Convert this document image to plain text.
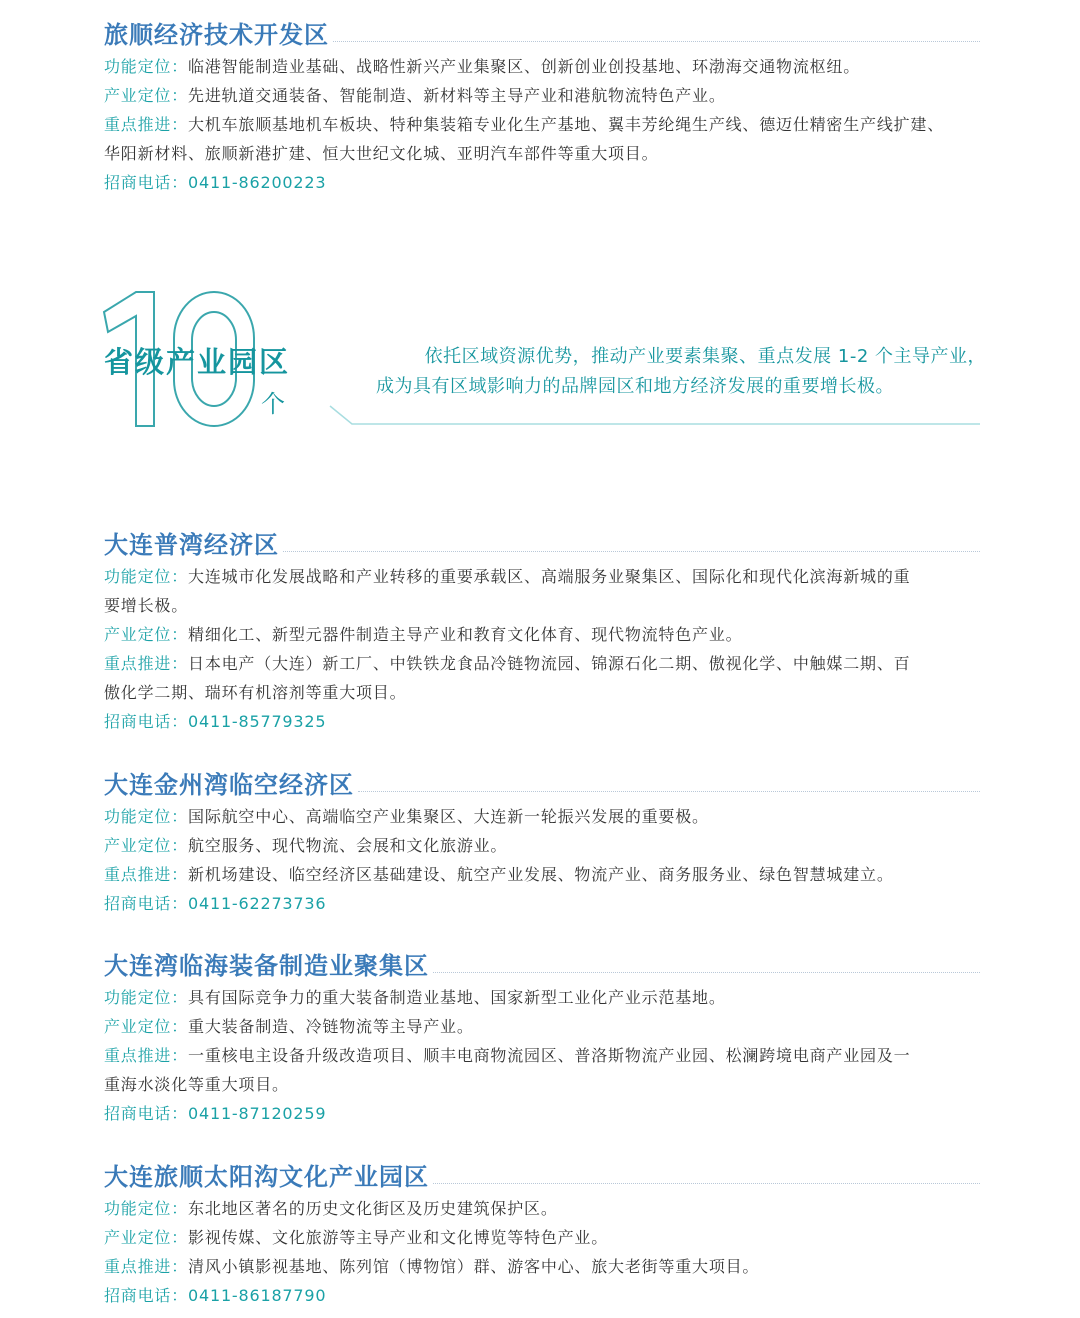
旅顺经济技术开发区
功能定位：临港智能制造业基础、战略性新兴产业集聚区、创新创业创投基地、环渤海交通物流枢纽。
产业定位：先进轨道交通装备、智能制造、新材料等主导产业和港航物流特色产业。
重点推进：大机车旅顺基地机车板块、特种集装箱专业化生产基地、翼丰芳纶绳生产线、德迈仕精密生产线扩建、
华阳新材料、旅顺新港扩建、恒大世纪文化城、亚明汽车部件等重大项目。
招商电话：0411-86200223
省级产业园区
个
依托区域资源优势，推动产业要素集聚、重点发展 1-2 个主导产业，
成为具有区域影响力的品牌园区和地方经济发展的重要增长极。
大连普湾经济区
功能定位：大连城市化发展战略和产业转移的重要承载区、高端服务业聚集区、国际化和现代化滨海新城的重
要增长极。
产业定位：精细化工、新型元器件制造主导产业和教育文化体育、现代物流特色产业。
重点推进：日本电产（大连）新工厂、中铁铁龙食品冷链物流园、锦源石化二期、傲视化学、中触媒二期、百
傲化学二期、瑞环有机溶剂等重大项目。
招商电话：0411-85779325
大连金州湾临空经济区
功能定位：国际航空中心、高端临空产业集聚区、大连新一轮振兴发展的重要极。
产业定位：航空服务、现代物流、会展和文化旅游业。
重点推进：新机场建设、临空经济区基础建设、航空产业发展、物流产业、商务服务业、绿色智慧城建立。
招商电话：0411-62273736
大连湾临海装备制造业聚集区
功能定位：具有国际竞争力的重大装备制造业基地、国家新型工业化产业示范基地。
产业定位：重大装备制造、冷链物流等主导产业。
重点推进：一重核电主设备升级改造项目、顺丰电商物流园区、普洛斯物流产业园、松澜跨境电商产业园及一
重海水淡化等重大项目。
招商电话：0411-87120259
大连旅顺太阳沟文化产业园区
功能定位：东北地区著名的历史文化街区及历史建筑保护区。
产业定位：影视传媒、文化旅游等主导产业和文化博览等特色产业。
重点推进：清风小镇影视基地、陈列馆（博物馆）群、游客中心、旅大老街等重大项目。
招商电话：0411-86187790
